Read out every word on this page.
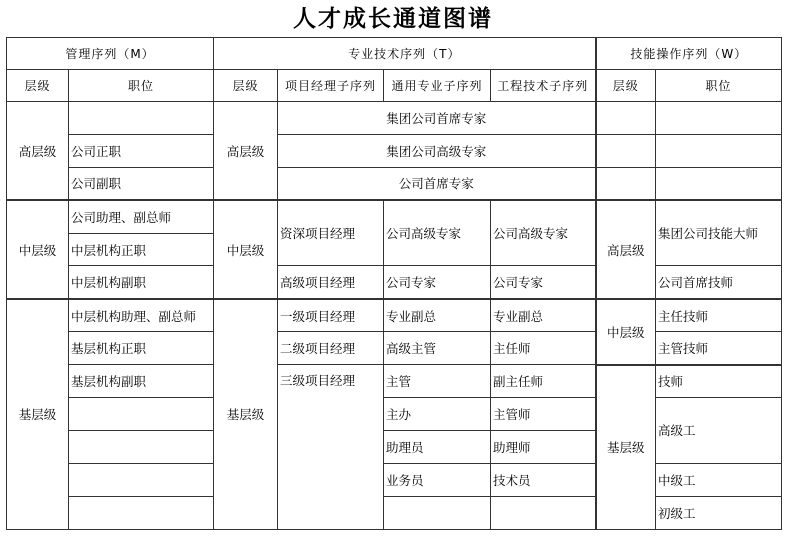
人才成长通道图谱
管理序列（M）		专业技术序列（T）				技能操作序列（W）	
层级	职位	层级	项目经理子序列	通用专业子序列	工程技术子序列	层级	职位
高层级		高层级	集团公司首席专家				
	公司正职		集团公司高级专家				
	公司副职		公司首席专家				
中层级	公司助理、副总师	中层级	资深项目经理	公司高级专家	公司高级专家	高层级	集团公司技能大师
	中层机构正职						
	中层机构副职		高级项目经理	公司专家	公司专家		公司首席技师
基层级	中层机构助理、副总师	基层级	一级项目经理	专业副总	专业副总	中层级	主任技师
	基层机构正职		二级项目经理	高级主管	主任师		主管技师
	基层机构副职		三级项目经理	主管	副主任师	基层级	技师
				主办	主管师		高级工
				助理员	助理师		
				业务员	技术员		中级工
							初级工
